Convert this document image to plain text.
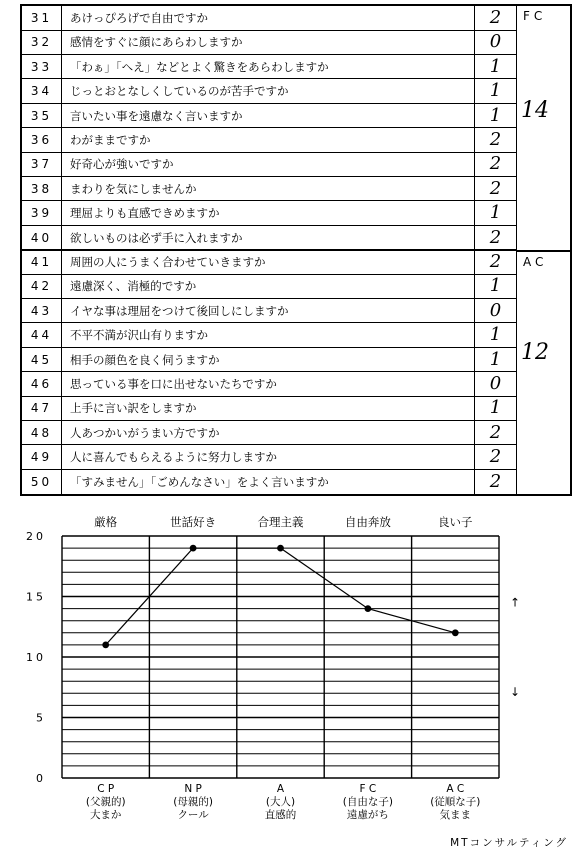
31	あけっぴろげで自由ですか	2
32	感情をすぐに顔にあらわしますか	0
33	「わぁ」「へえ」などとよく驚きをあらわしますか	1
34	じっとおとなしくしているのが苦手ですか	1
35	言いたい事を遠慮なく言いますか	1
36	わがままですか	2
37	好奇心が強いですか	2
38	まわりを気にしませんか	2
39	理屈よりも直感できめますか	1
40	欲しいものは必ず手に入れますか	2
41	周囲の人にうまく合わせていきますか	2
42	遠慮深く、消極的ですか	1
43	イヤな事は理屈をつけて後回しにしますか	0
44	不平不満が沢山有りますか	1
45	相手の顔色を良く伺うますか	1
46	思っている事を口に出せないたちですか	0
47	上手に言い訳をしますか	1
48	人あつかいがうまい方ですか	2
49	人に喜んでもらえるように努力しますか	2
50	「すみません」「ごめんなさい」をよく言いますか	2
FC
14
AC
12
0
5
10
15
20
↑
↓
厳格	世話好き	合理主義	自由奔放	良い子
C P
(父親的)
大まか
N P
(母親的)
クール
A
(大人)
直感的
F C
(自由な子)
遠慮がち
A C
(従順な子)
気まま
MTコンサルティング
